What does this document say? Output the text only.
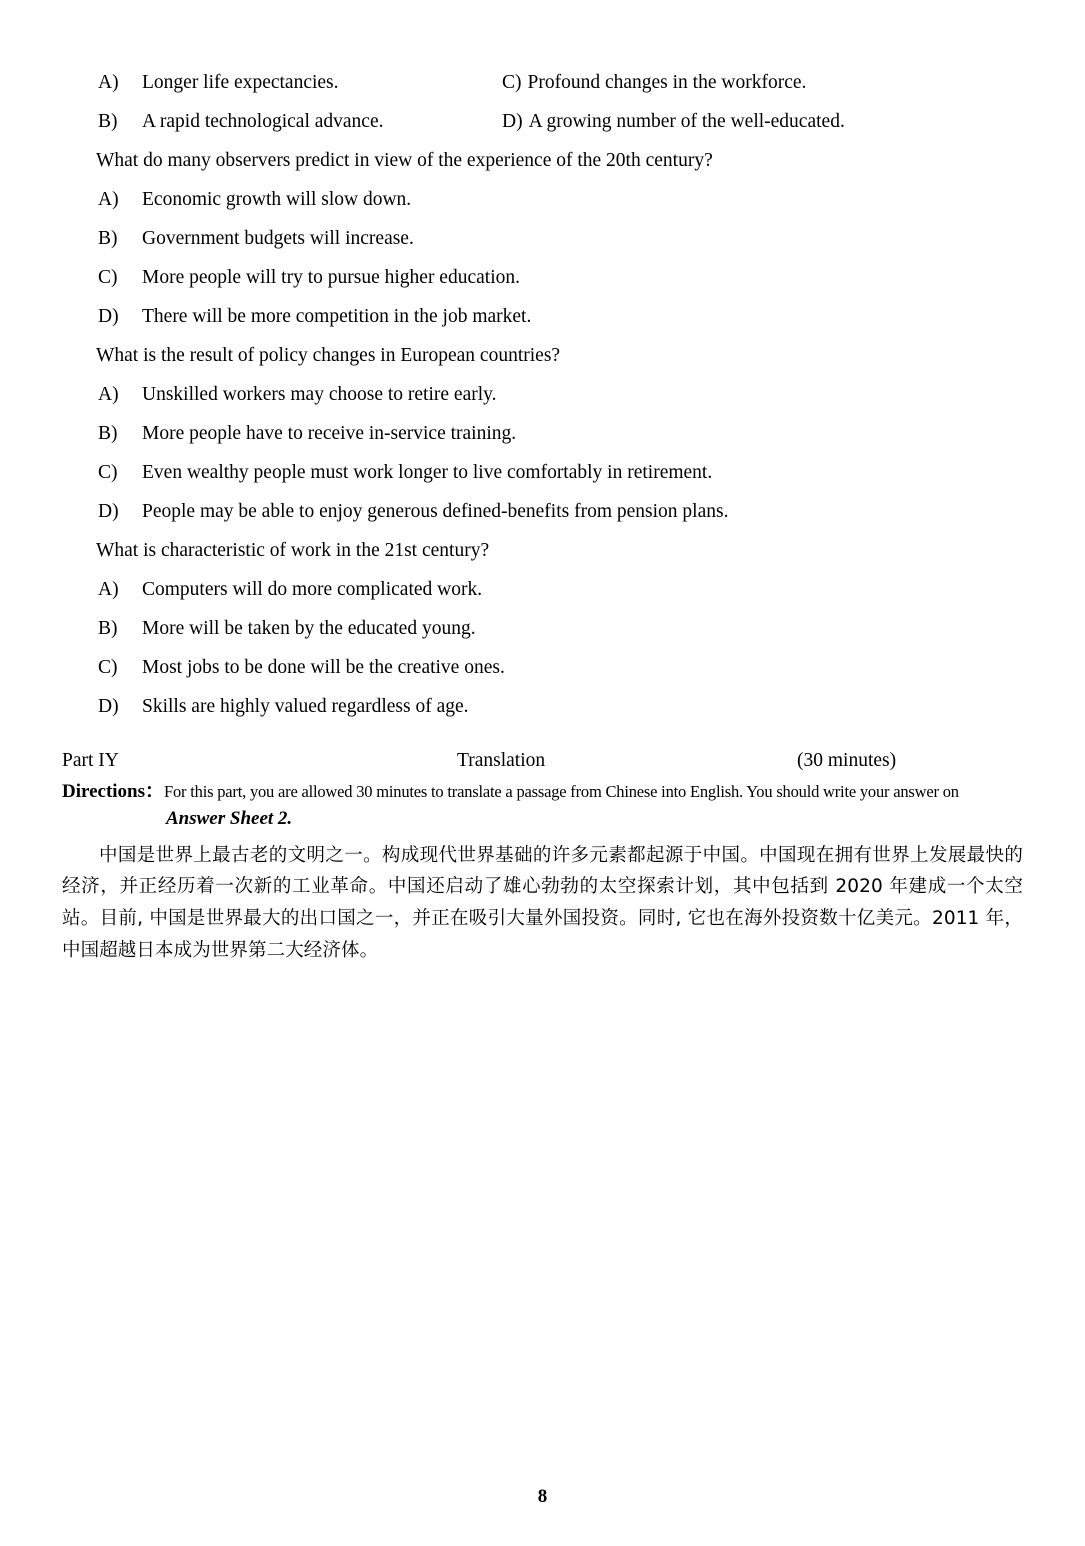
A)	Longer life expectancies.	C) Profound changes in the workforce.
B)	A rapid technological advance.	D) A growing number of the well-educated.
What do many observers predict in view of the experience of the 20th century?
A)	Economic growth will slow down.
B)	Government budgets will increase.
C)	More people will try to pursue higher education.
D)	There will be more competition in the job market.
What is the result of policy changes in European countries?
A)	Unskilled workers may choose to retire early.
B)	More people have to receive in-service training.
C)	Even wealthy people must work longer to live comfortably in retirement.
D)	People may be able to enjoy generous defined-benefits from pension plans.
What is characteristic of work in the 21st century?
A)	Computers will do more complicated work.
B)	More will be taken by the educated young.
C)	Most jobs to be done will be the creative ones.
D)	Skills are highly valued regardless of age.
Part IY	Translation	(30 minutes)
Directions：For this part, you are allowed 30 minutes to translate a passage from Chinese into English. You should write your answer on
Answer Sheet 2.

中国是世界上最古老的文明之一。构成现代世界基础的许多元素都起源于中国。中国现在拥有世界上发展最快的经济，并正经历着一次新的工业革命。中国还启动了雄心勃勃的太空探索计划，其中包括到 2020 年建成一个太空站。目前, 中国是世界最大的出口国之一，并正在吸引大量外国投资。同时, 它也在海外投资数十亿美元。2011 年，中国超越日本成为世界第二大经济体。

8
